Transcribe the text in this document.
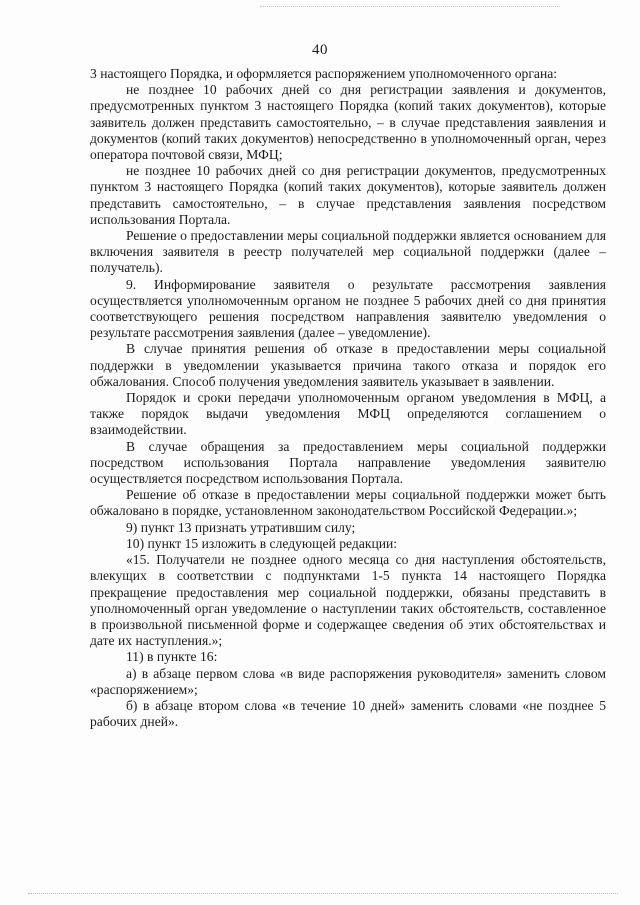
40

3 настоящего Порядка, и оформляется распоряжением уполномоченного органа:

не позднее 10 рабочих дней со дня регистрации заявления и документов, предусмотренных пунктом 3 настоящего Порядка (копий таких документов), которые заявитель должен представить самостоятельно, – в случае представления заявления и документов (копий таких документов) непосредственно в уполномоченный орган, через оператора почтовой связи, МФЦ;

не позднее 10 рабочих дней со дня регистрации документов, предусмотренных пунктом 3 настоящего Порядка (копий таких документов), которые заявитель должен представить самостоятельно, – в случае представления заявления посредством использования Портала.

Решение о предоставлении меры социальной поддержки является основанием для включения заявителя в реестр получателей мер социальной поддержки (далее – получатель).

9. Информирование заявителя о результате рассмотрения заявления осуществляется уполномоченным органом не позднее 5 рабочих дней со дня принятия соответствующего решения посредством направления заявителю уведомления о результате рассмотрения заявления (далее – уведомление).

В случае принятия решения об отказе в предоставлении меры социальной поддержки в уведомлении указывается причина такого отказа и порядок его обжалования. Способ получения уведомления заявитель указывает в заявлении.

Порядок и сроки передачи уполномоченным органом уведомления в МФЦ, а также порядок выдачи уведомления МФЦ определяются соглашением о взаимодействии.

В случае обращения за предоставлением меры социальной поддержки посредством использования Портала направление уведомления заявителю осуществляется посредством использования Портала.

Решение об отказе в предоставлении меры социальной поддержки может быть обжаловано в порядке, установленном законодательством Российской Федерации.»;

9) пункт 13 признать утратившим силу;

10) пункт 15 изложить в следующей редакции:

«15. Получатели не позднее одного месяца со дня наступления обстоятельств, влекущих в соответствии с подпунктами 1-5 пункта 14 настоящего Порядка прекращение предоставления мер социальной поддержки, обязаны представить в уполномоченный орган уведомление о наступлении таких обстоятельств, составленное в произвольной письменной форме и содержащее сведения об этих обстоятельствах и дате их наступления.»;

11) в пункте 16:

а) в абзаце первом слова «в виде распоряжения руководителя» заменить словом «распоряжением»;

б) в абзаце втором слова «в течение 10 дней» заменить словами «не позднее 5 рабочих дней».
